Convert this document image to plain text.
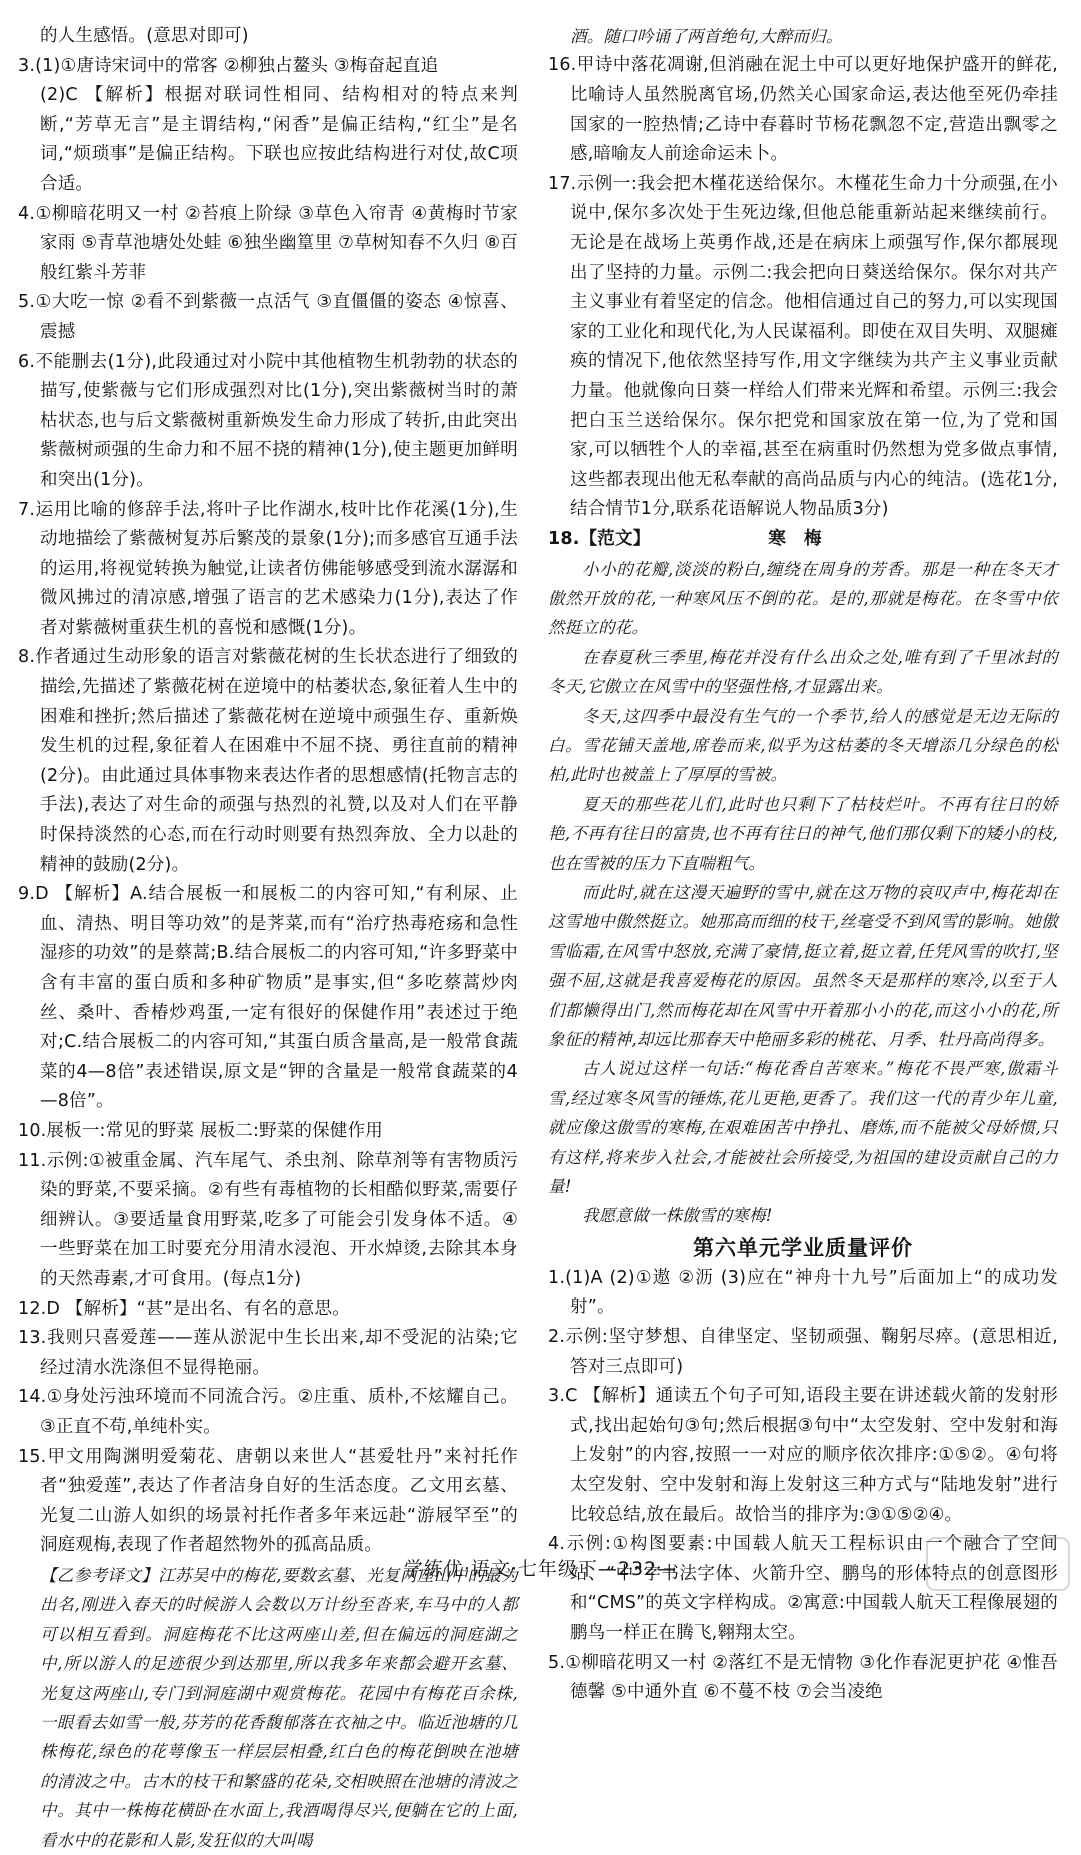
的人生感悟。(意思对即可)

3.(1)①唐诗宋词中的常客 ②柳独占鳌头 ③梅奋起直追

(2)C 【解析】根据对联词性相同、结构相对的特点来判断,“芳草无言”是主谓结构,“闲香”是偏正结构,“红尘”是名词,“烦琐事”是偏正结构。下联也应按此结构进行对仗,故C项合适。

4.①柳暗花明又一村 ②苔痕上阶绿 ③草色入帘青 ④黄梅时节家家雨 ⑤青草池塘处处蛙 ⑥独坐幽篁里 ⑦草树知春不久归 ⑧百般红紫斗芳菲

5.①大吃一惊 ②看不到紫薇一点活气 ③直僵僵的姿态 ④惊喜、震撼

6.不能删去(1分),此段通过对小院中其他植物生机勃勃的状态的描写,使紫薇与它们形成强烈对比(1分),突出紫薇树当时的萧枯状态,也与后文紫薇树重新焕发生命力形成了转折,由此突出紫薇树顽强的生命力和不屈不挠的精神(1分),使主题更加鲜明和突出(1分)。

7.运用比喻的修辞手法,将叶子比作湖水,枝叶比作花溪(1分),生动地描绘了紫薇树复苏后繁茂的景象(1分);而多感官互通手法的运用,将视觉转换为触觉,让读者仿佛能够感受到流水潺潺和微风拂过的清凉感,增强了语言的艺术感染力(1分),表达了作者对紫薇树重获生机的喜悦和感慨(1分)。

8.作者通过生动形象的语言对紫薇花树的生长状态进行了细致的描绘,先描述了紫薇花树在逆境中的枯萎状态,象征着人生中的困难和挫折;然后描述了紫薇花树在逆境中顽强生存、重新焕发生机的过程,象征着人在困难中不屈不挠、勇往直前的精神(2分)。由此通过具体事物来表达作者的思想感情(托物言志的手法),表达了对生命的顽强与热烈的礼赞,以及对人们在平静时保持淡然的心态,而在行动时则要有热烈奔放、全力以赴的精神的鼓励(2分)。

9.D 【解析】A.结合展板一和展板二的内容可知,“有利尿、止血、清热、明目等功效”的是荠菜,而有“治疗热毒疮疡和急性湿疹的功效”的是蔡蒿;B.结合展板二的内容可知,“许多野菜中含有丰富的蛋白质和多种矿物质”是事实,但“多吃蔡蒿炒肉丝、桑叶、香椿炒鸡蛋,一定有很好的保健作用”表述过于绝对;C.结合展板二的内容可知,“其蛋白质含量高,是一般常食蔬菜的4—8倍”表述错误,原文是“钾的含量是一般常食蔬菜的4—8倍”。

10.展板一:常见的野菜 展板二:野菜的保健作用

11.示例:①被重金属、汽车尾气、杀虫剂、除草剂等有害物质污染的野菜,不要采摘。②有些有毒植物的长相酷似野菜,需要仔细辨认。③要适量食用野菜,吃多了可能会引发身体不适。④一些野菜在加工时要充分用清水浸泡、开水焯烫,去除其本身的天然毒素,才可食用。(每点1分)

12.D 【解析】“甚”是出名、有名的意思。

13.我则只喜爱莲——莲从淤泥中生长出来,却不受泥的沾染;它经过清水洗涤但不显得艳丽。

14.①身处污浊环境而不同流合污。②庄重、质朴,不炫耀自己。③正直不苟,单纯朴实。

15.甲文用陶渊明爱菊花、唐朝以来世人“甚爱牡丹”来衬托作者“独爱莲”,表达了作者洁身自好的生活态度。乙文用玄墓、光复二山游人如织的场景衬托作者多年来远赴“游屐罕至”的洞庭观梅,表现了作者超然物外的孤高品质。

【乙参考译文】江苏吴中的梅花,要数玄墓、光复两座山中的最为出名,刚进入春天的时候游人会数以万计纷至沓来,车马中的人都可以相互看到。洞庭梅花不比这两座山差,但在偏远的洞庭湖之中,所以游人的足迹很少到达那里,所以我多年来都会避开玄墓、光复这两座山,专门到洞庭湖中观赏梅花。花园中有梅花百余株,一眼看去如雪一般,芬芳的花香馥郁落在衣袖之中。临近池塘的几株梅花,绿色的花萼像玉一样层层相叠,红白色的梅花倒映在池塘的清波之中。古木的枝干和繁盛的花朵,交相映照在池塘的清波之中。其中一株梅花横卧在水面上,我酒喝得尽兴,便躺在它的上面,看水中的花影和人影,发狂似的大叫喝

酒。随口吟诵了两首绝句,大醉而归。

16.甲诗中落花凋谢,但消融在泥土中可以更好地保护盛开的鲜花,比喻诗人虽然脱离官场,仍然关心国家命运,表达他至死仍牵挂国家的一腔热情;乙诗中春暮时节杨花飘忽不定,营造出飘零之感,暗喻友人前途命运未卜。

17.示例一:我会把木槿花送给保尔。木槿花生命力十分顽强,在小说中,保尔多次处于生死边缘,但他总能重新站起来继续前行。无论是在战场上英勇作战,还是在病床上顽强写作,保尔都展现出了坚持的力量。示例二:我会把向日葵送给保尔。保尔对共产主义事业有着坚定的信念。他相信通过自己的努力,可以实现国家的工业化和现代化,为人民谋福利。即使在双目失明、双腿瘫痪的情况下,他依然坚持写作,用文字继续为共产主义事业贡献力量。他就像向日葵一样给人们带来光辉和希望。示例三:我会把白玉兰送给保尔。保尔把党和国家放在第一位,为了党和国家,可以牺牲个人的幸福,甚至在病重时仍然想为党多做点事情,这些都表现出他无私奉献的高尚品质与内心的纯洁。(选花1分,结合情节1分,联系花语解说人物品质3分)

18.【范文】	寒 梅

小小的花瓣,淡淡的粉白,缠绕在周身的芳香。那是一种在冬天才傲然开放的花,一种寒风压不倒的花。是的,那就是梅花。在冬雪中依然挺立的花。

在春夏秋三季里,梅花并没有什么出众之处,唯有到了千里冰封的冬天,它傲立在风雪中的坚强性格,才显露出来。

冬天,这四季中最没有生气的一个季节,给人的感觉是无边无际的白。雪花铺天盖地,席卷而来,似乎为这枯萎的冬天增添几分绿色的松柏,此时也被盖上了厚厚的雪被。

夏天的那些花儿们,此时也只剩下了枯枝烂叶。不再有往日的娇艳,不再有往日的富贵,也不再有往日的神气,他们那仅剩下的矮小的枝,也在雪被的压力下直喘粗气。

而此时,就在这漫天遍野的雪中,就在这万物的哀叹声中,梅花却在这雪地中傲然挺立。她那高而细的枝干,丝毫受不到风雪的影响。她傲雪临霜,在风雪中怒放,充满了豪情,挺立着,挺立着,任凭风雪的吹打,坚强不屈,这就是我喜爱梅花的原因。虽然冬天是那样的寒冷,以至于人们都懒得出门,然而梅花却在风雪中开着那小小的花,而这小小的花,所象征的精神,却远比那春天中艳丽多彩的桃花、月季、牡丹高尚得多。

古人说过这样一句话:“梅花香自苦寒来。”梅花不畏严寒,傲霜斗雪,经过寒冬风雪的锤炼,花儿更艳,更香了。我们这一代的青少年儿童,就应像这傲雪的寒梅,在艰难困苦中挣扎、磨炼,而不能被父母娇惯,只有这样,将来步入社会,才能被社会所接受,为祖国的建设贡献自己的力量!

我愿意做一株傲雪的寒梅!

第六单元学业质量评价

1.(1)A (2)①遨 ②沥 (3)应在“神舟十九号”后面加上“的成功发射”。

2.示例:坚守梦想、自律坚定、坚韧顽强、鞠躬尽瘁。(意思相近,答对三点即可)

3.C 【解析】通读五个句子可知,语段主要在讲述载火箭的发射形式,找出起始句③句;然后根据③句中“太空发射、空中发射和海上发射”的内容,按照一一对应的顺序依次排序:①⑤②。④句将太空发射、空中发射和海上发射这三种方式与“陆地发射”进行比较总结,放在最后。故恰当的排序为:③①⑤②④。

4.示例:①构图要素:中国载人航天工程标识由一个融合了空间站、“中”字书法字体、火箭升空、鹏鸟的形体特点的创意图形和“CMS”的英文字样构成。②寓意:中国载人航天工程像展翅的鹏鸟一样正在腾飞,翱翔太空。

5.①柳暗花明又一村 ②落红不是无情物 ③化作春泥更护花 ④惟吾德馨 ⑤中通外直 ⑥不蔓不枝 ⑦会当凌绝

学练优·语文·七年级下—232—
